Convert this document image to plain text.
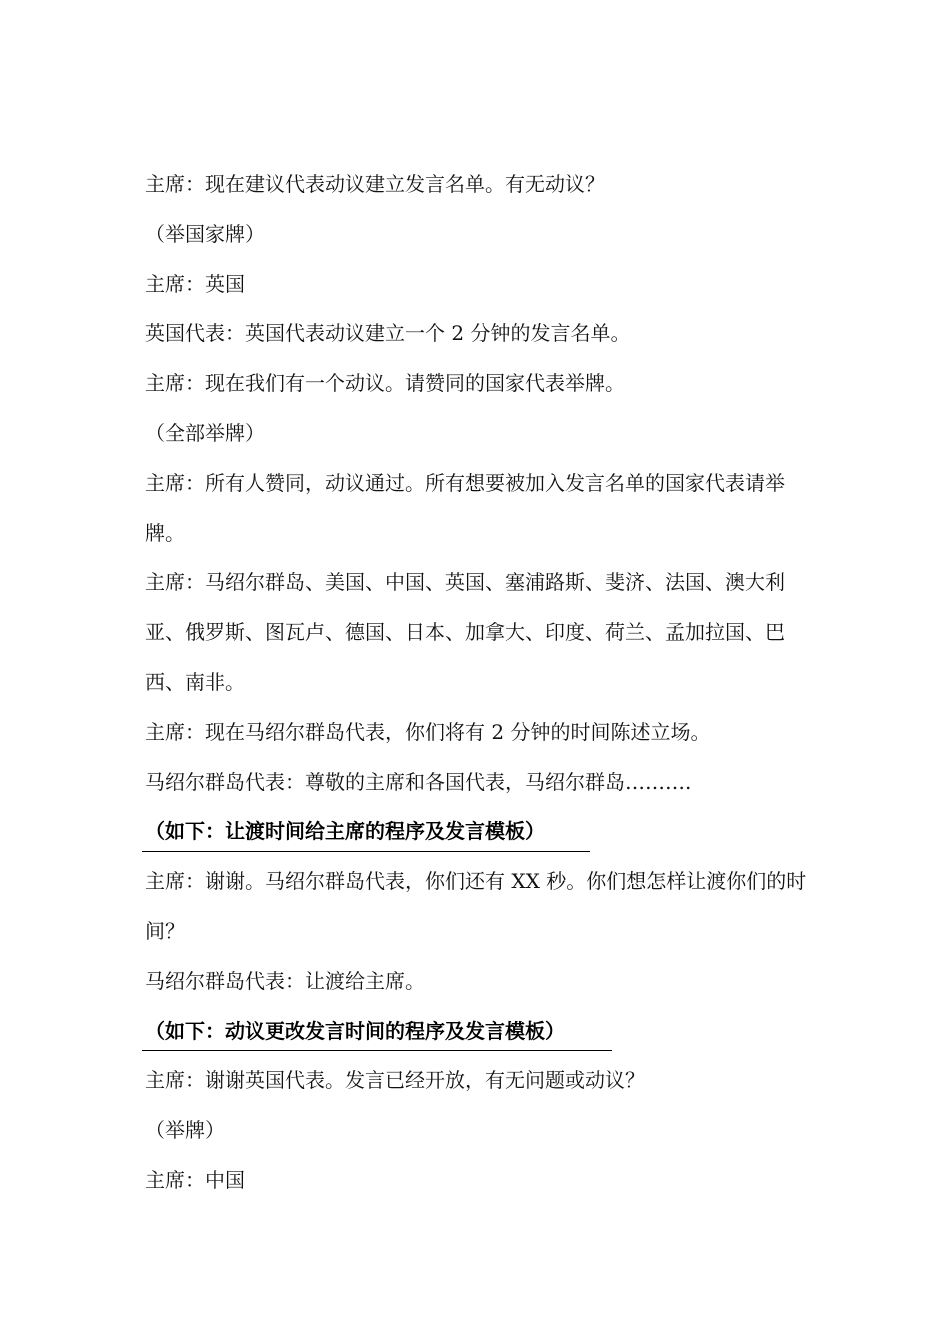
主席：现在建议代表动议建立发言名单。有无动议？

（举国家牌）

主席：英国

英国代表：英国代表动议建立一个 2 分钟的发言名单。

主席：现在我们有一个动议。请赞同的国家代表举牌。

（全部举牌）

主席：所有人赞同，动议通过。所有想要被加入发言名单的国家代表请举牌。

主席：马绍尔群岛、美国、中国、英国、塞浦路斯、斐济、法国、澳大利亚、俄罗斯、图瓦卢、德国、日本、加拿大、印度、荷兰、孟加拉国、巴西、南非。

主席：现在马绍尔群岛代表，你们将有 2 分钟的时间陈述立场。

马绍尔群岛代表：尊敬的主席和各国代表，马绍尔群岛……….

（如下：让渡时间给主席的程序及发言模板）

主席：谢谢。马绍尔群岛代表，你们还有 XX 秒。你们想怎样让渡你们的时间？

马绍尔群岛代表：让渡给主席。

（如下：动议更改发言时间的程序及发言模板）

主席：谢谢英国代表。发言已经开放，有无问题或动议？

（举牌）

主席：中国
